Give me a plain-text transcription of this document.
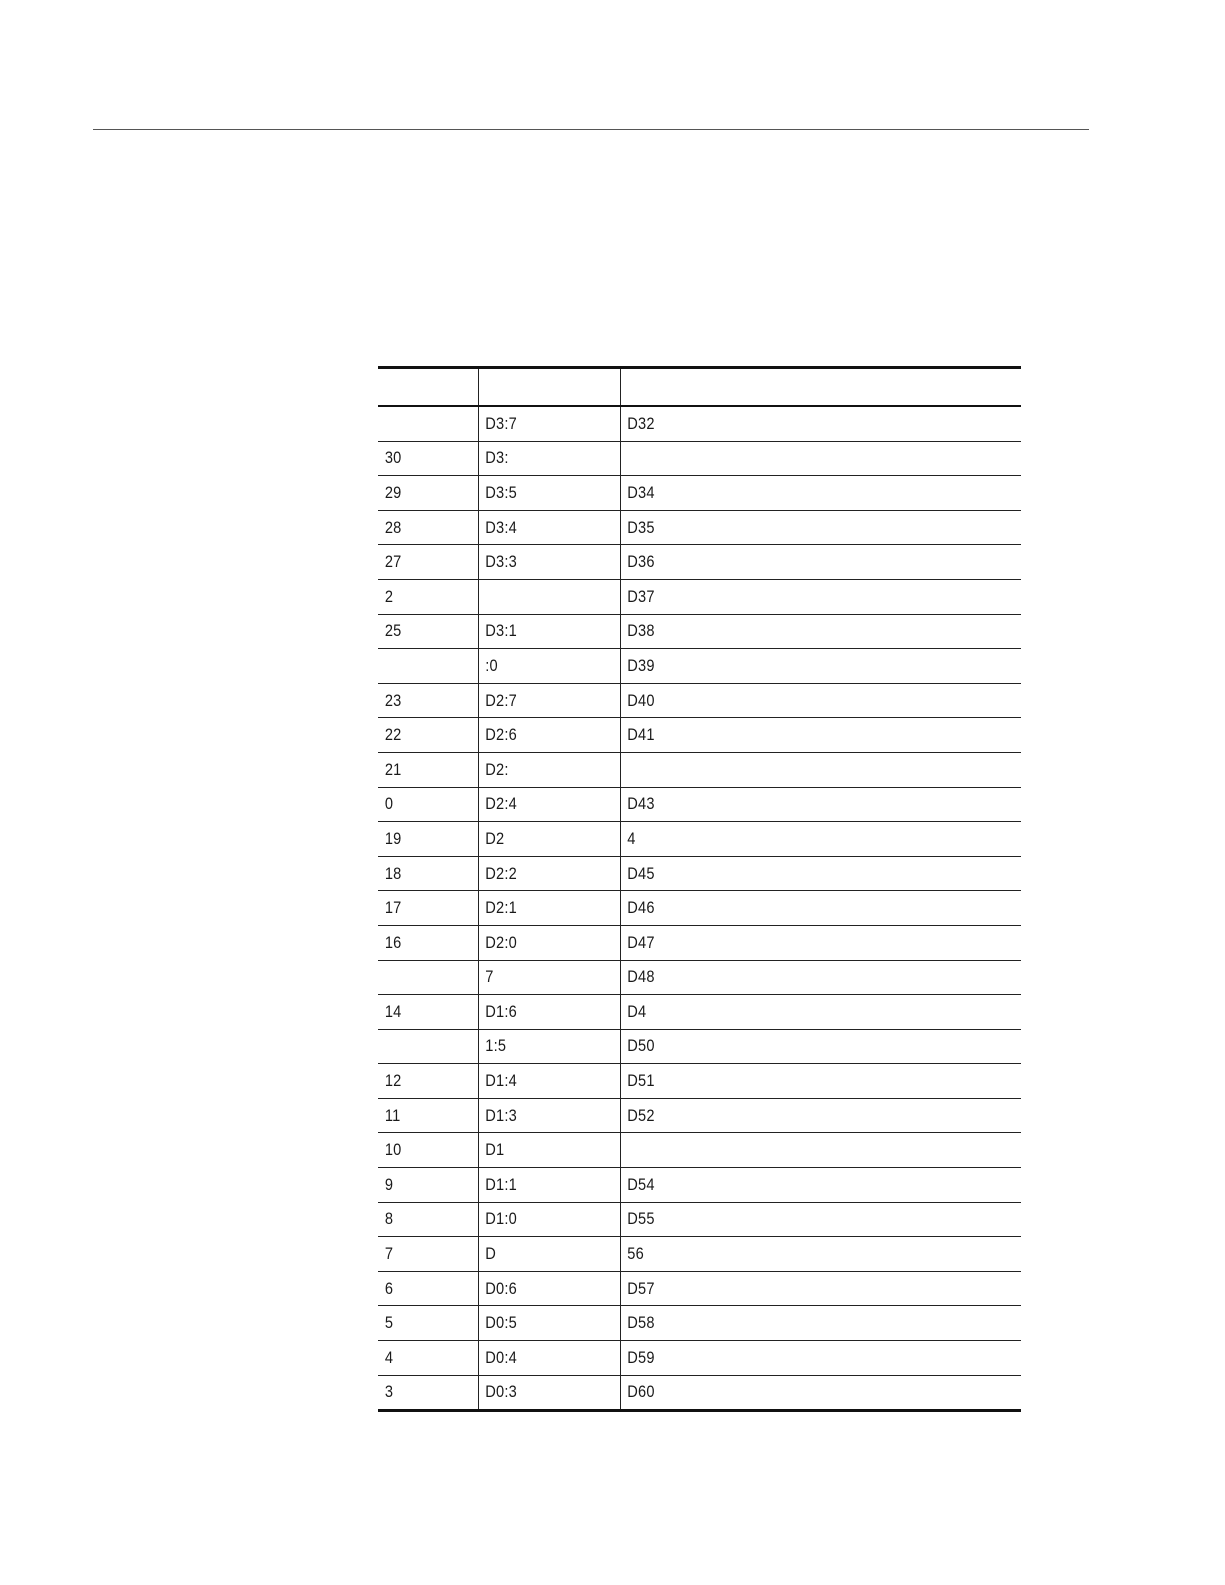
	D3:7	D32
30	D3:	
29	D3:5	D34
28	D3:4	D35
27	D3:3	D36
2		D37
25	D3:1	D38
	:0	D39
23	D2:7	D40
22	D2:6	D41
21	D2:	
0	D2:4	D43
19	D2	4
18	D2:2	D45
17	D2:1	D46
16	D2:0	D47
	7	D48
14	D1:6	D4
	1:5	D50
12	D1:4	D51
11	D1:3	D52
10	D1	
9	D1:1	D54
8	D1:0	D55
7	D	56
6	D0:6	D57
5	D0:5	D58
4	D0:4	D59
3	D0:3	D60
